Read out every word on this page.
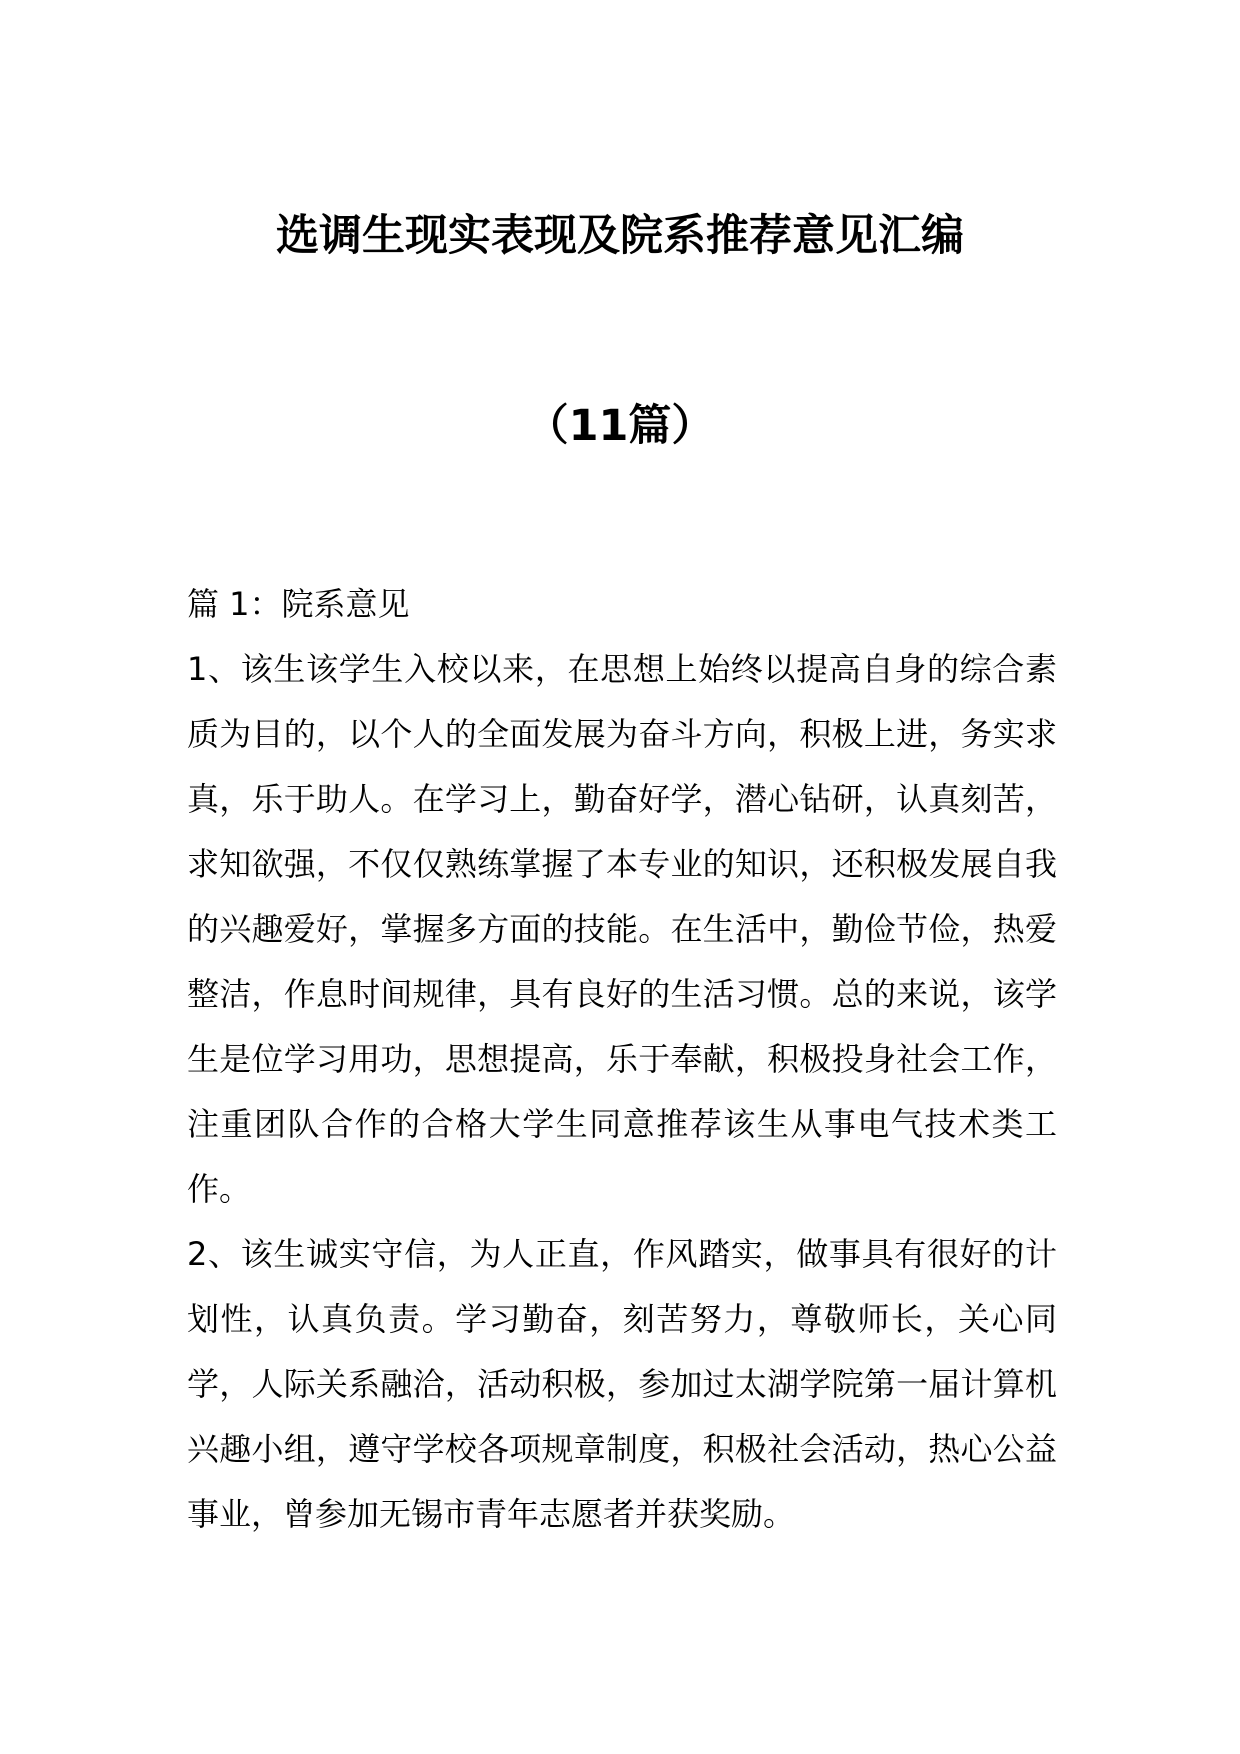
选调生现实表现及院系推荐意见汇编
（11篇）
篇 1：院系意见

1、该生该学生入校以来，在思想上始终以提高自身的综合素质为目的，以个人的全面发展为奋斗方向，积极上进，务实求真，乐于助人。在学习上，勤奋好学，潜心钻研，认真刻苦，求知欲强，不仅仅熟练掌握了本专业的知识，还积极发展自我的兴趣爱好，掌握多方面的技能。在生活中，勤俭节俭，热爱整洁，作息时间规律，具有良好的生活习惯。总的来说，该学生是位学习用功，思想提高，乐于奉献，积极投身社会工作，注重团队合作的合格大学生同意推荐该生从事电气技术类工作。

2、该生诚实守信，为人正直，作风踏实，做事具有很好的计划性，认真负责。学习勤奋，刻苦努力，尊敬师长，关心同学，人际关系融洽，活动积极，参加过太湖学院第一届计算机兴趣小组，遵守学校各项规章制度，积极社会活动，热心公益事业，曾参加无锡市青年志愿者并获奖励。
